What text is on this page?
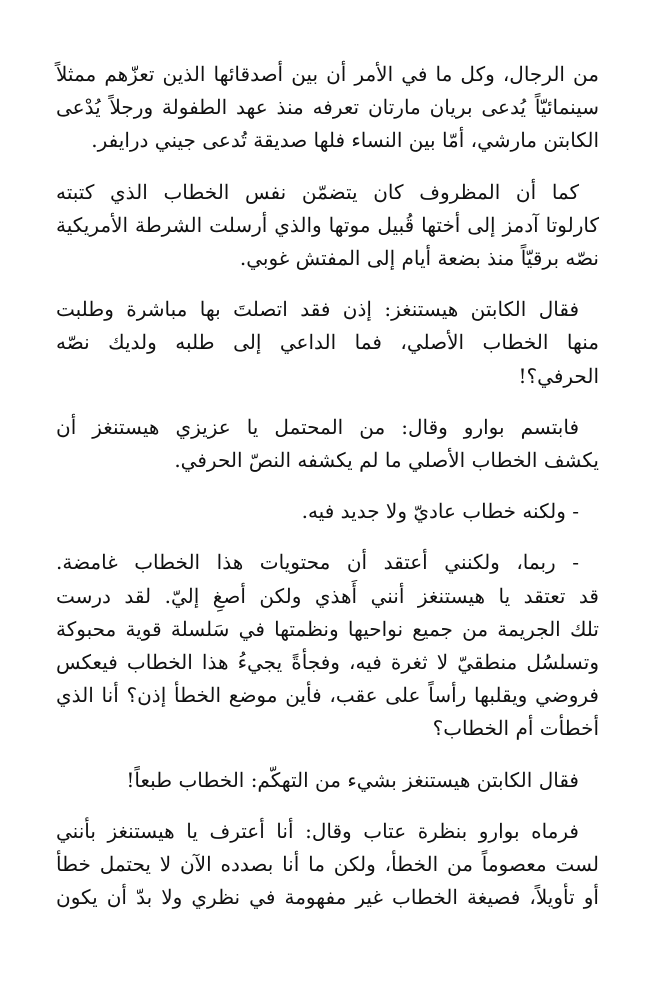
من الرجال، وكل ما في الأمر أن بين أصدقائها الذين تعزّهم ممثلاً
سينمائيّاً يُدعى بريان مارتان تعرفه منذ عهد الطفولة ورجلاً يُدْعى
الكابتن مارشي، أمّا بين النساء فلها صديقة تُدعى جيني درايفر.

كما أن المظروف كان يتضمّن نفس الخطاب الذي كتبته
كارلوتا آدمز إلى أختها قُبيل موتها والذي أرسلت الشرطة الأمريكية
نصّه برقيّاً منذ بضعة أيام إلى المفتش غوبي.

فقال الكابتن هيستنغز: إذن فقد اتصلتَ بها مباشرة وطلبت
منها الخطاب الأصلي، فما الداعي إلى طلبه ولديك نصّه
الحرفي؟!

فابتسم بوارو وقال: من المحتمل يا عزيزي هيستنغز أن
يكشف الخطاب الأصلي ما لم يكشفه النصّ الحرفي.

- ولكنه خطاب عاديّ ولا جديد فيه.

- ربما، ولكنني أعتقد أن محتويات هذا الخطاب غامضة.
قد تعتقد يا هيستنغز أنني أَهذي ولكن أصغِ إليّ. لقد درست
تلك الجريمة من جميع نواحيها ونظمتها في سَلسلة قوية محبوكة
وتسلسُل منطقيّ لا ثغرة فيه، وفجأةً يجيءُ هذا الخطاب فيعكس
فروضي ويقلبها رأساً على عقب، فأين موضع الخطأ إذن؟ أنا الذي
أخطأت أم الخطاب؟

فقال الكابتن هيستنغز بشيء من التهكّم: الخطاب طبعاً!

فرماه بوارو بنظرة عتاب وقال: أنا أعترف يا هيستنغز بأنني
لست معصوماً من الخطأ، ولكن ما أنا بصدده الآن لا يحتمل خطأ
أو تأويلاً، فصيغة الخطاب غير مفهومة في نظري ولا بدّ أن يكون
